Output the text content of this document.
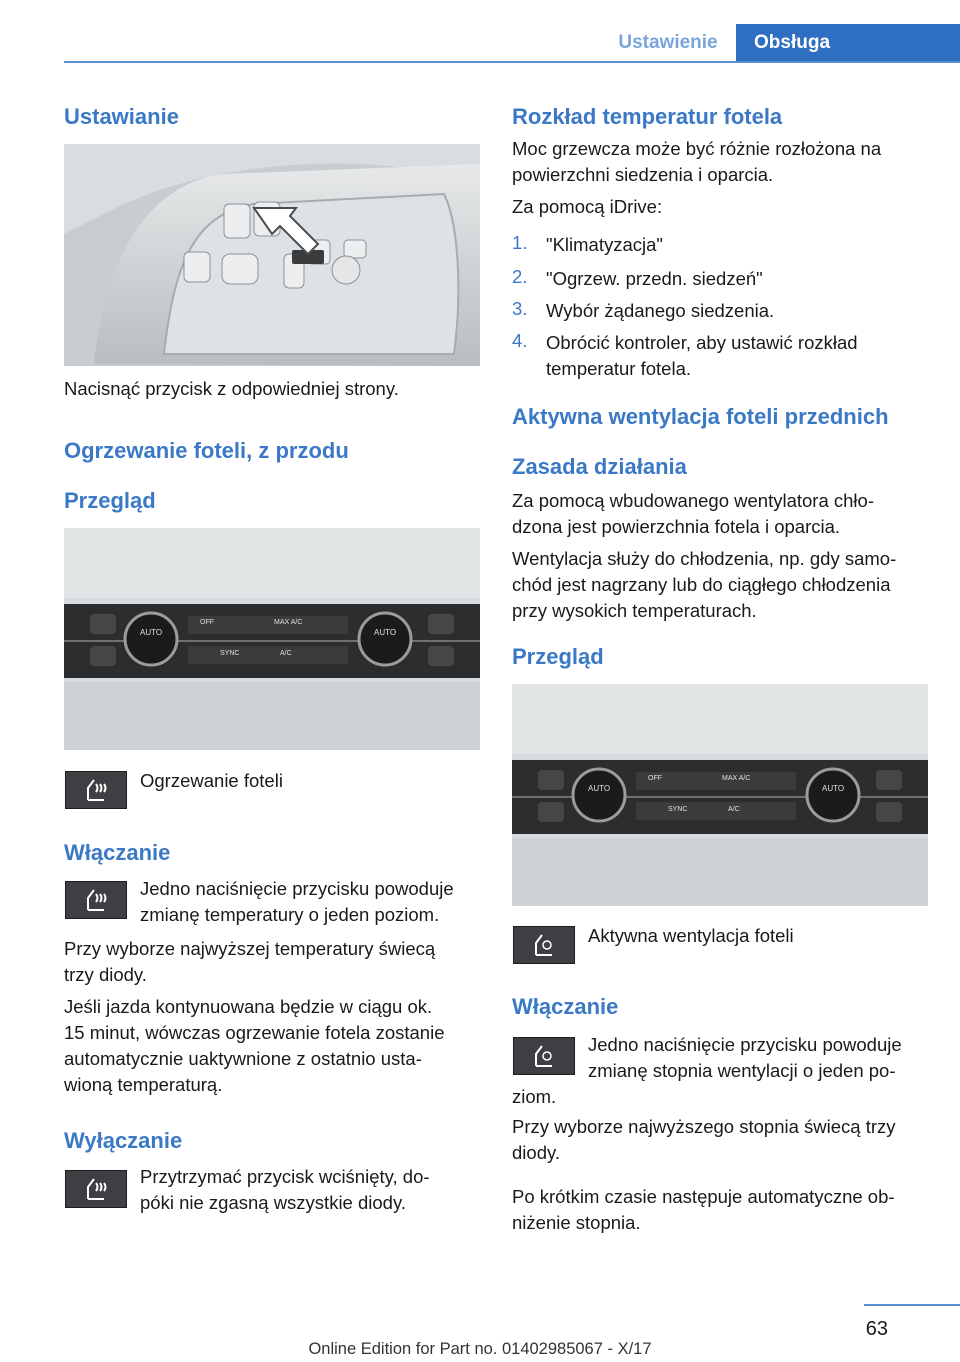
Ustawienie	Obsługa
Ustawianie

Nacisnąć przycisk z odpowiedniej strony.

Ogrzewanie foteli, z przodu
Przegląd
AUTO	AUTO
OFF	MAX A/C
SYNC	A/C

Ogrzewanie foteli

Włączanie

Jedno naciśnięcie przycisku powoduje

zmianę temperatury o jeden poziom.

Przy wyborze najwyższej temperatury świecą

trzy diody.

Jeśli jazda kontynuowana będzie w ciągu ok.

15 minut, wówczas ogrzewanie fotela zostanie

automatycznie uaktywnione z ostatnio usta‐

wioną temperaturą.

Wyłączanie

Przytrzymać przycisk wciśnięty, do‐

póki nie zgasną wszystkie diody.

Rozkład temperatur fotela

Moc grzewcza może być różnie rozłożona na

powierzchni siedzenia i oparcia.

Za pomocą iDrive:

1. "Klimatyzacja"
2. "Ogrzew. przedn. siedzeń"
3. Wybór żądanego siedzenia.
4. Obrócić kontroler, aby ustawić rozkład
temperatur fotela.
Aktywna wentylacja foteli przednich
Zasada działania

Za pomocą wbudowanego wentylatora chło‐

dzona jest powierzchnia fotela i oparcia.

Wentylacja służy do chłodzenia, np. gdy samo‐

chód jest nagrzany lub do ciągłego chłodzenia

przy wysokich temperaturach.

Przegląd
AUTO	AUTO
OFF	MAX A/C
SYNC	A/C

Aktywna wentylacja foteli

Włączanie

Jedno naciśnięcie przycisku powoduje

zmianę stopnia wentylacji o jeden po‐

ziom.

Przy wyborze najwyższego stopnia świecą trzy

diody.

Po krótkim czasie następuje automatyczne ob‐

niżenie stopnia.

63
Online Edition for Part no. 01402985067 - X/17
